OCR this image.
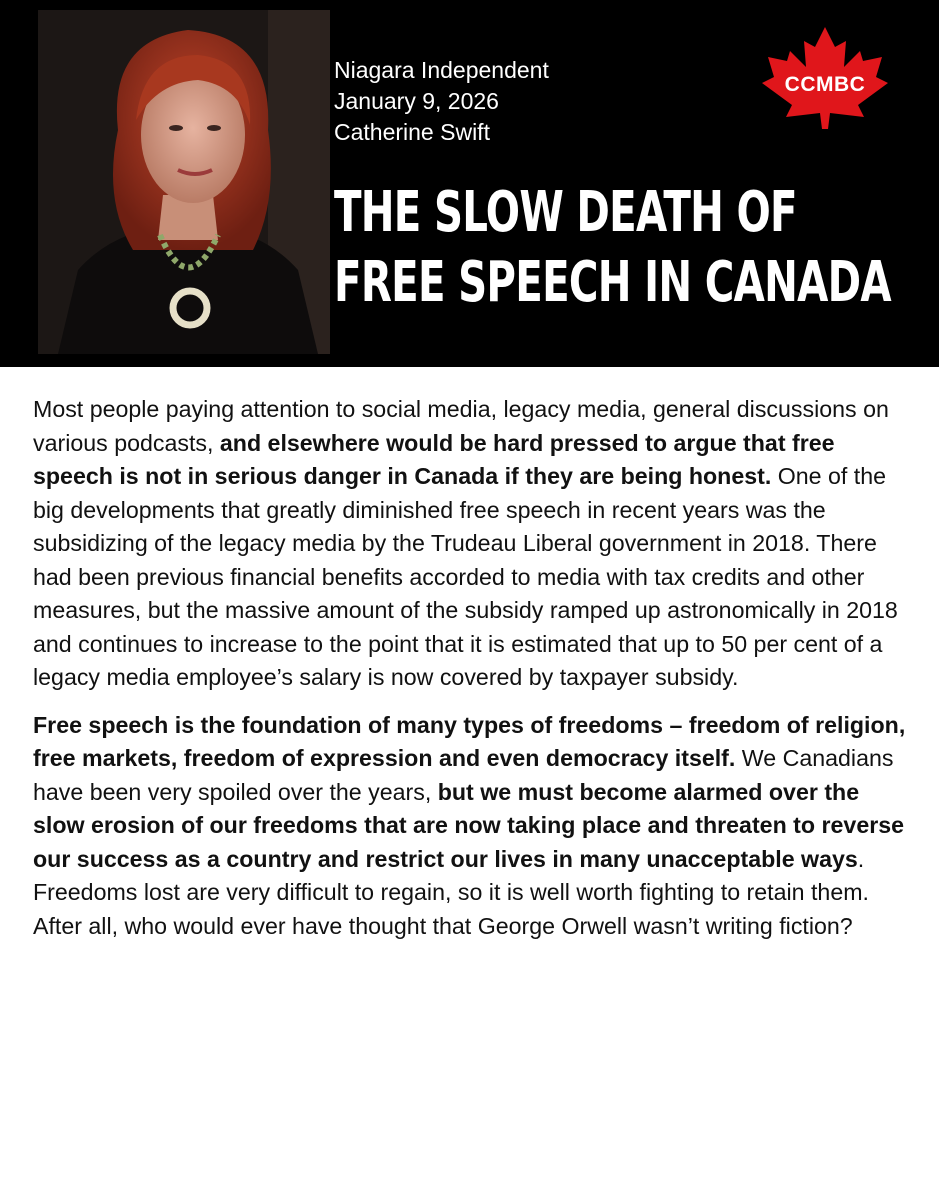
Niagara Independent
January 9, 2026
Catherine Swift
CCMBC
THE SLOW DEATH OF
FREE SPEECH IN CANADA

Most people paying attention to social media, legacy media, general discussions on various podcasts, and elsewhere would be hard pressed to argue that free speech is not in serious danger in Canada if they are being honest. One of the big developments that greatly diminished free speech in recent years was the subsidizing of the legacy media by the Trudeau Liberal government in 2018. There had been previous financial benefits accorded to media with tax credits and other measures, but the massive amount of the subsidy ramped up astronomically in 2018 and continues to increase to the point that it is estimated that up to 50 per cent of a legacy media employee’s salary is now covered by taxpayer subsidy.

Free speech is the foundation of many types of freedoms – freedom of religion, free markets, freedom of expression and even democracy itself. We Canadians have been very spoiled over the years, but we must become alarmed over the slow erosion of our freedoms that are now taking place and threaten to reverse our success as a country and restrict our lives in many unacceptable ways. Freedoms lost are very difficult to regain, so it is well worth fighting to retain them. After all, who would ever have thought that George Orwell wasn’t writing fiction?
